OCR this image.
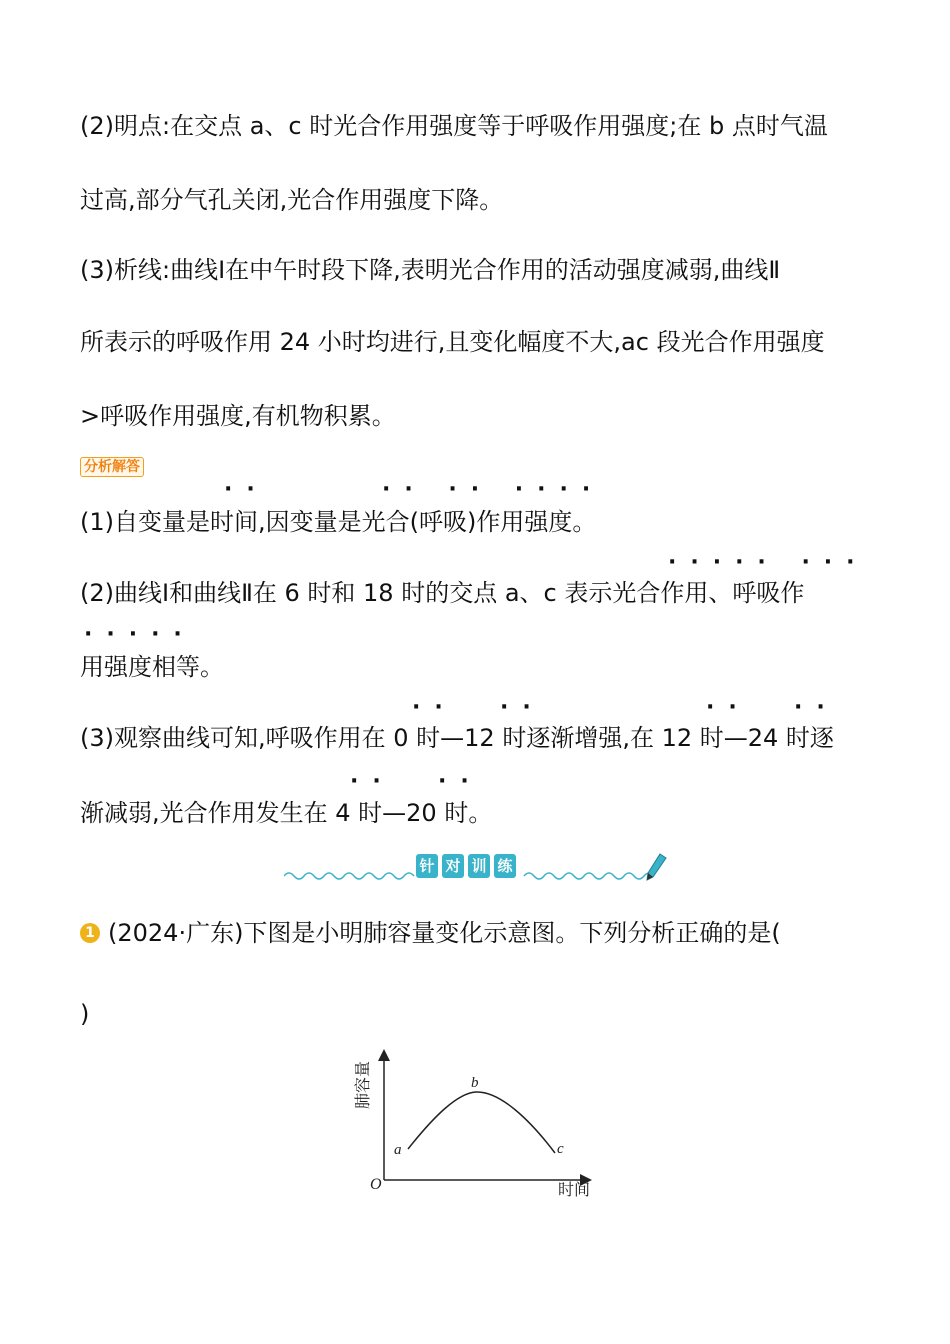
(2)明点:在交点 a、c 时光合作用强度等于呼吸作用强度;在 b 点时气温
过高,部分气孔关闭,光合作用强度下降。
(3)析线:曲线Ⅰ在中午时段下降,表明光合作用的活动强度减弱,曲线Ⅱ
所表示的呼吸作用 24 小时均进行,且变化幅度不大,ac 段光合作用强度
>呼吸作用强度,有机物积累。
分析解答
··	·· ·· ····
(1)自变量是时间,因变量是光合(呼吸)作用强度。
····· ···
(2)曲线Ⅰ和曲线Ⅱ在 6 时和 18 时的交点 a、c 表示光合作用、呼吸作
·····
用强度相等。
··  ··	··  ··
(3)观察曲线可知,呼吸作用在 0 时—12 时逐渐增强,在 12 时—24 时逐
··  ··
渐减弱,光合作用发生在 4 时—20 时。
针 对 训 练
1 (2024·广东)下图是小明肺容量变化示意图。下列分析正确的是(
)
肺容量
时间
O
a
b
c
